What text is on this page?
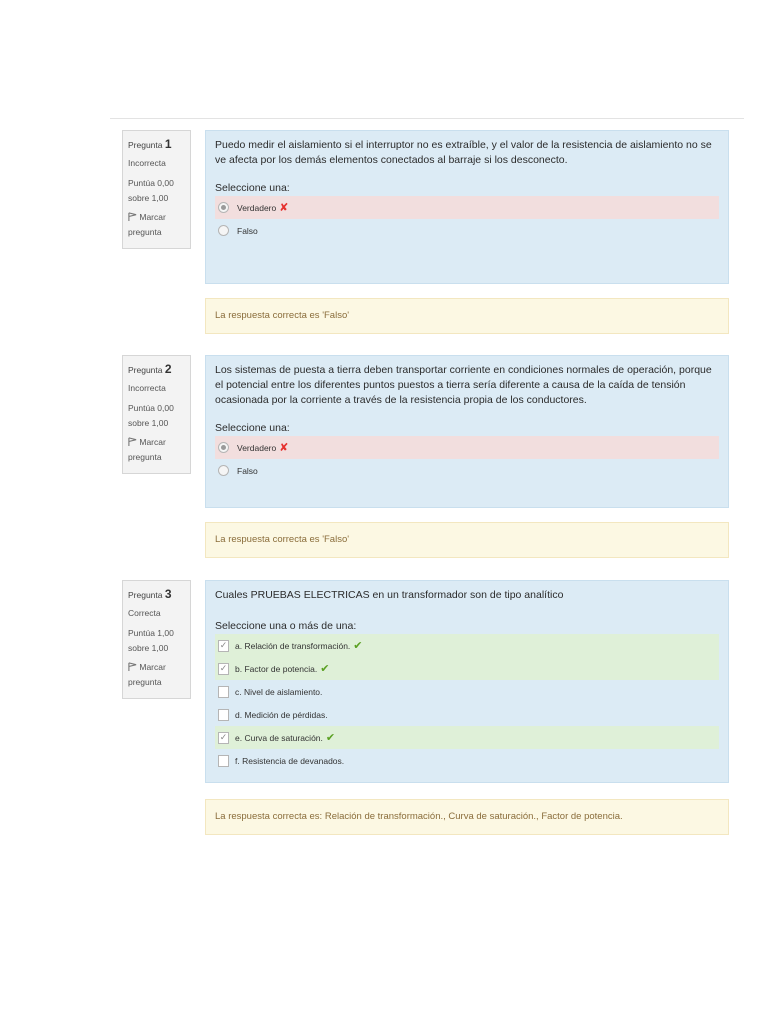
Pregunta 1
Incorrecta
Puntúa 0,00 sobre 1,00
Marcar pregunta
Puedo medir el aislamiento si el interruptor no es extraíble, y el valor de la resistencia de aislamiento no se ve afecta por los demás elementos conectados al barraje si los desconecto.
Seleccione una:
Verdadero ✘
Falso
La respuesta correcta es 'Falso'
Pregunta 2
Incorrecta
Puntúa 0,00 sobre 1,00
Marcar pregunta
Los sistemas de puesta a tierra deben transportar corriente en condiciones normales de operación, porque el potencial entre los diferentes puntos puestos a tierra sería diferente a causa de la caída de tensión ocasionada por la corriente a través de la resistencia propia de los conductores.
Seleccione una:
Verdadero ✘
Falso
La respuesta correcta es 'Falso'
Pregunta 3
Correcta
Puntúa 1,00 sobre 1,00
Marcar pregunta
Cuales PRUEBAS ELECTRICAS en un transformador son de tipo analítico
Seleccione una o más de una:
✓ a. Relación de transformación. ✔
✓ b. Factor de potencia. ✔
c. Nivel de aislamiento.
d. Medición de pérdidas.
✓ e. Curva de saturación. ✔
f. Resistencia de devanados.
La respuesta correcta es: Relación de transformación., Curva de saturación., Factor de potencia.
